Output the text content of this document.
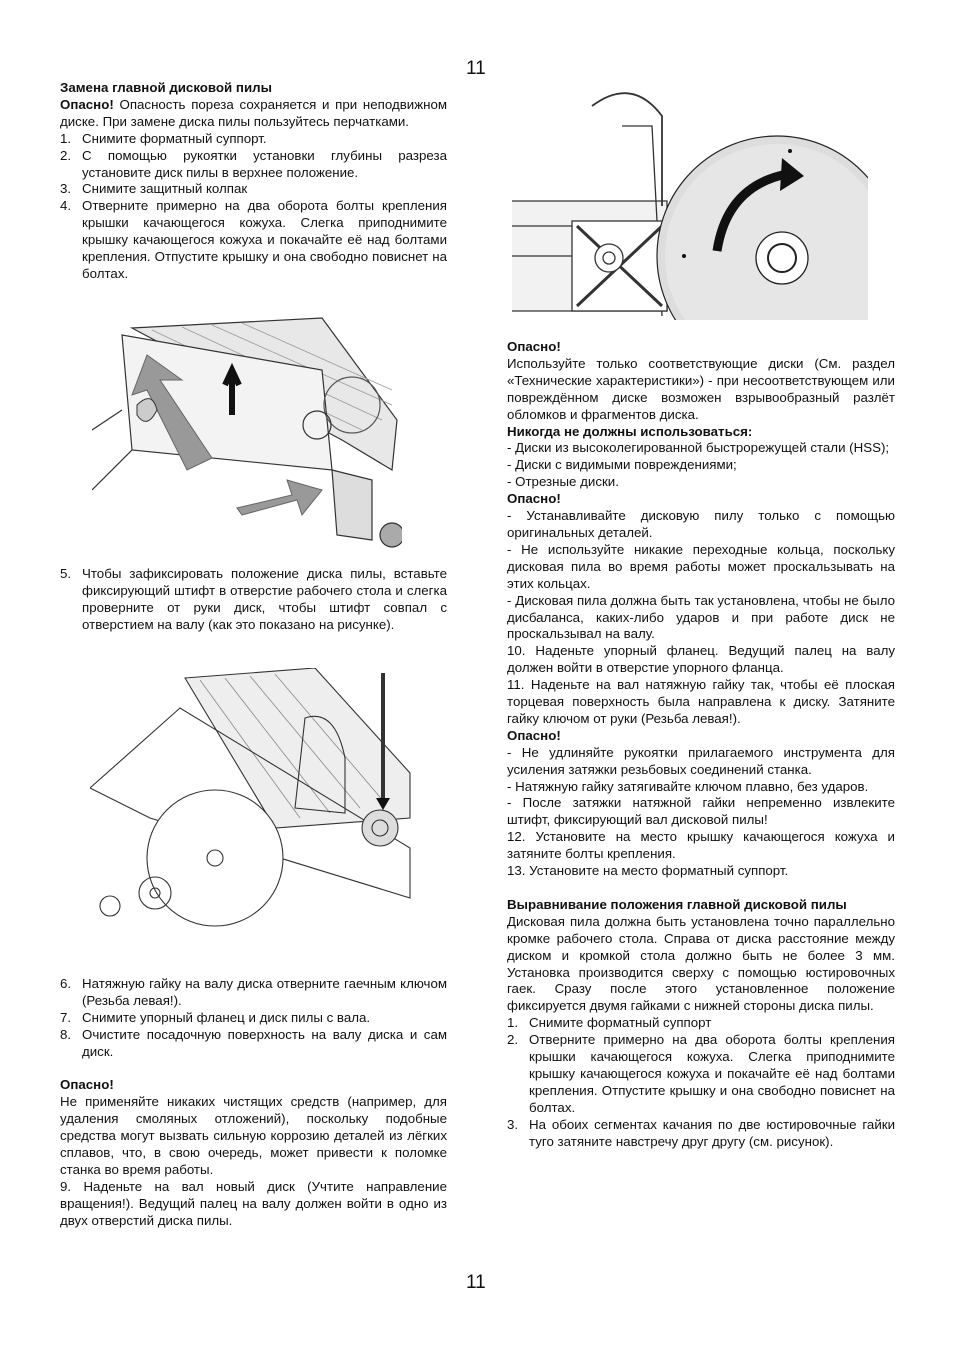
11

Замена главной дисковой пилы

Опасно! Опасность пореза сохраняется и при неподвижном диске. При замене диска пилы пользуйтесь перчатками.

1. Снимите форматный суппорт.
2. С помощью рукоятки установки глубины разреза установите диск пилы в верхнее положение.
3. Снимите защитный колпак
4. Отверните примерно на два оборота болты крепления крышки качающегося кожуха. Слегка приподнимите крышку качающегося кожуха и покачайте её над болтами крепления. Отпустите крышку и она свободно повиснет на болтах.
5. Чтобы зафиксировать положение диска пилы, вставьте фиксирующий штифт в отверстие рабочего стола и слегка проверните от руки диск, чтобы штифт совпал с отверстием на валу (как это показано на рисунке).
6. Натяжную гайку на валу диска отверните гаечным ключом (Резьба левая!).
7. Снимите упорный фланец и диск пилы с вала.
8. Очистите посадочную поверхность на валу диска и сам диск.

Опасно!

Не применяйте никаких чистящих средств (например, для удаления смоляных отложений), поскольку подобные средства могут вызвать сильную коррозию деталей из лёгких сплавов, что, в свою очередь, может привести к поломке станка во время работы.

9. Наденьте на вал новый диск (Учтите направление вращения!). Ведущий палец на валу должен войти в одно из двух отверстий диска пилы.

Опасно!

Используйте только соответствующие диски (См. раздел «Технические характеристики») - при несоответствующем или повреждённом диске возможен взрывообразный разлёт обломков и фрагментов диска.

Никогда не должны использоваться:

- Диски из высоколегированной быстрорежущей стали (HSS);

- Диски с видимыми повреждениями;

- Отрезные диски.

Опасно!

- Устанавливайте дисковую пилу только с помощью оригинальных деталей.

- Не используйте никакие переходные кольца, поскольку дисковая пила во время работы может проскальзывать на этих кольцах.

- Дисковая пила должна быть так установлена, чтобы не было дисбаланса, каких-либо ударов и при работе диск не проскальзывал на валу.

10. Наденьте упорный фланец. Ведущий палец на валу должен войти в отверстие упорного фланца.

11. Наденьте на вал натяжную гайку так, чтобы её плоская торцевая поверхность была направлена к диску. Затяните гайку ключом от руки (Резьба левая!).

Опасно!

- Не удлиняйте рукоятки прилагаемого инструмента для усиления затяжки резьбовых соединений станка.

- Натяжную гайку затягивайте ключом плавно, без ударов.

- После затяжки натяжной гайки непременно извлеките штифт, фиксирующий вал дисковой пилы!

12. Установите на место крышку качающегося кожуха и затяните болты крепления.

13. Установите на место форматный суппорт.

Выравнивание положения главной дисковой пилы

Дисковая пила должна быть установлена точно параллельно кромке рабочего стола. Справа от диска расстояние между диском и кромкой стола должно быть не более 3 мм. Установка производится сверху с помощью юстировочных гаек. Сразу после этого установленное положение фиксируется двумя гайками с нижней стороны диска пилы.

1. Снимите форматный суппорт
2. Отверните примерно на два оборота болты крепления крышки качающегося кожуха. Слегка приподнимите крышку качающегося кожуха и покачайте её над болтами крепления. Отпустите крышку и она свободно повиснет на болтах.
3. На обоих сегментах качания по две юстировочные гайки туго затяните навстречу друг другу (см. рисунок).
11
